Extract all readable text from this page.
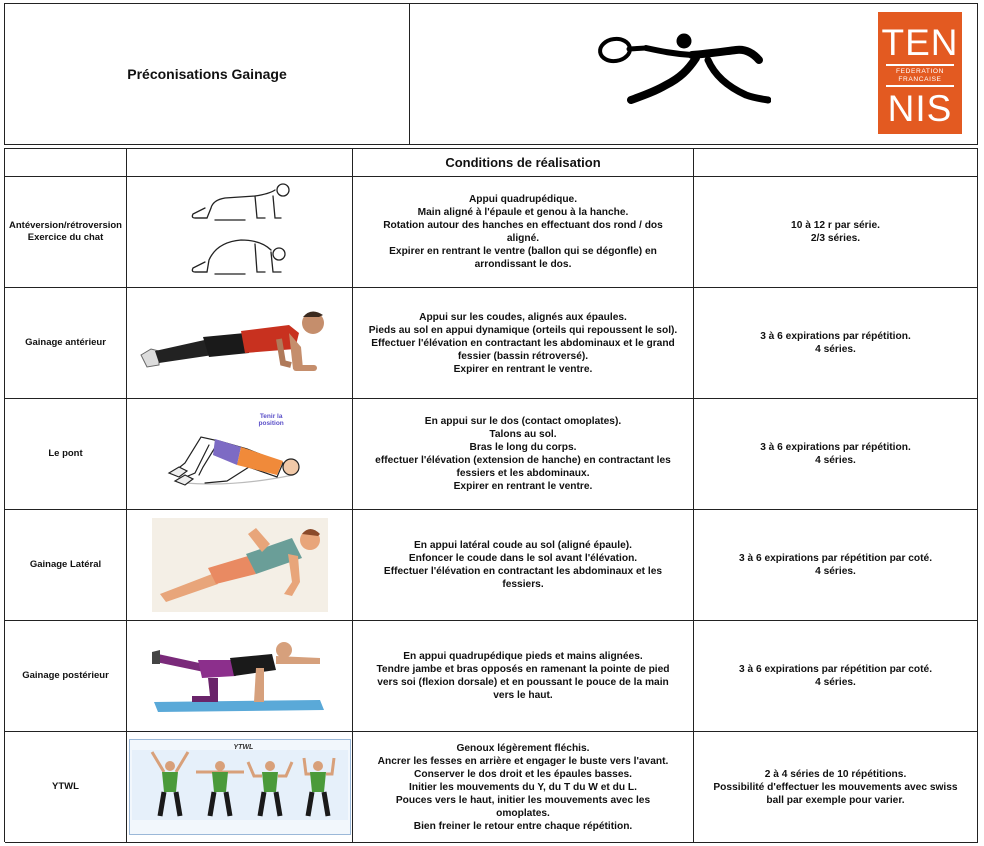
Préconisations Gainage
TEN
FEDERATION
FRANCAISE
NIS
Conditions de réalisation
Antéversion/rétroversion
Exercice du chat
Appui quadrupédique.
Main aligné à l'épaule et genou à la hanche.
Rotation autour des hanches en effectuant dos rond / dos
aligné.
Expirer en rentrant le ventre (ballon qui se dégonfle) en
arrondissant le dos.
10 à 12 r par série.
2/3 séries.
Gainage antérieur
Appui sur les coudes, alignés aux épaules.
Pieds au sol en appui dynamique (orteils qui repoussent le sol).
Effectuer l'élévation en contractant les abdominaux et le grand
fessier (bassin rétroversé).
Expirer en rentrant le ventre.
3 à 6 expirations par répétition.
4 séries.
Le pont
Tenir la
position	En appui sur le dos (contact omoplates).
Talons au sol.
Bras le long du corps.
effectuer l'élévation (extension de hanche) en contractant les
fessiers et les abdominaux.
Expirer en rentrant le ventre.
3 à 6 expirations par répétition.
4 séries.
Gainage Latéral
En appui latéral coude au sol (aligné épaule).
Enfoncer le coude dans le sol avant l'élévation.
Effectuer l'élévation en contractant les abdominaux et les
fessiers.
3 à 6 expirations par répétition par coté.
4 séries.
Gainage postérieur
En appui quadrupédique pieds et mains alignées.
Tendre jambe et bras opposés en ramenant la pointe de pied
vers soi (flexion dorsale) et en poussant le pouce de la main
vers le haut.
3 à 6 expirations par répétition par coté.
4 séries.
YTWL
YTWL	Genoux légèrement fléchis.
Ancrer les fesses en arrière et engager le buste vers l'avant.
Conserver le dos droit et les épaules basses.
Initier les mouvements du Y, du T du W et du L.
Pouces vers le haut, initier les mouvements avec les
omoplates.
Bien freiner le retour entre chaque répétition.
2 à 4 séries de 10 répétitions.
Possibilité d'effectuer les mouvements avec swiss
ball par exemple pour varier.
